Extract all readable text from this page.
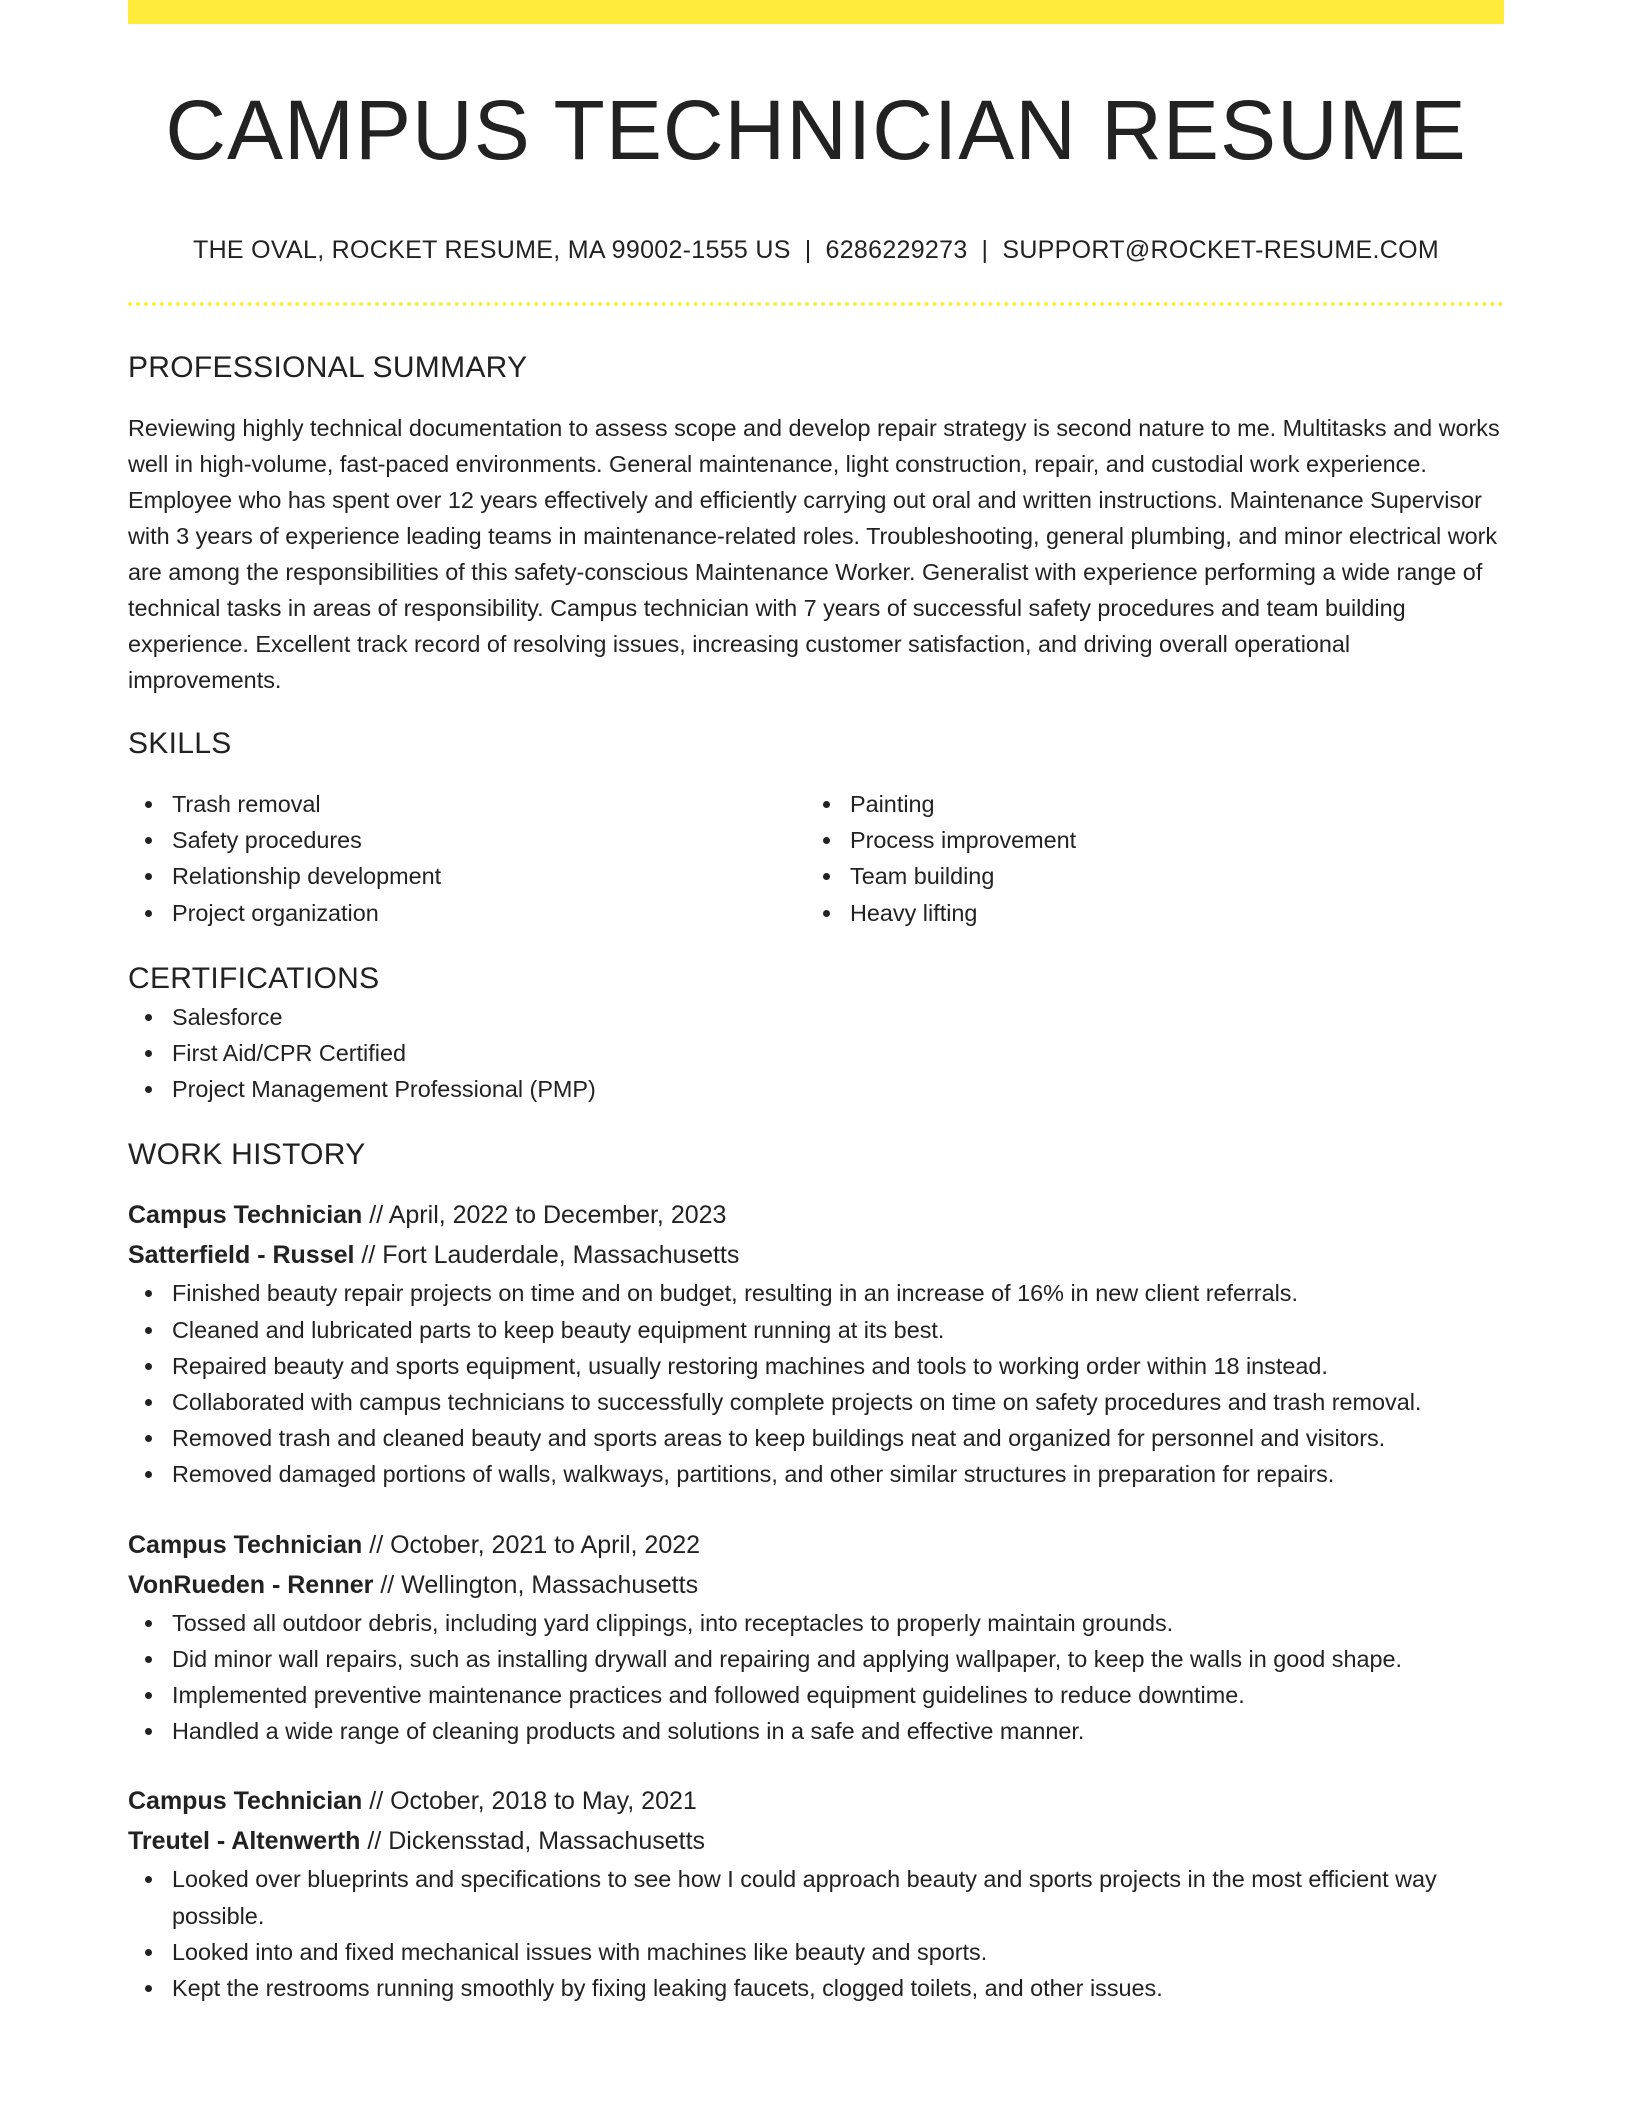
CAMPUS TECHNICIAN RESUME
THE OVAL, ROCKET RESUME, MA 99002-1555 US | 6286229273 | SUPPORT@ROCKET-RESUME.COM
PROFESSIONAL SUMMARY

Reviewing highly technical documentation to assess scope and develop repair strategy is second nature to me. Multitasks and works well in high-volume, fast-paced environments. General maintenance, light construction, repair, and custodial work experience. Employee who has spent over 12 years effectively and efficiently carrying out oral and written instructions. Maintenance Supervisor with 3 years of experience leading teams in maintenance-related roles. Troubleshooting, general plumbing, and minor electrical work are among the responsibilities of this safety-conscious Maintenance Worker. Generalist with experience performing a wide range of technical tasks in areas of responsibility. Campus technician with 7 years of successful safety procedures and team building experience. Excellent track record of resolving issues, increasing customer satisfaction, and driving overall operational improvements.

SKILLS
Trash removal
Safety procedures
Relationship development
Project organization
Painting
Process improvement
Team building
Heavy lifting
CERTIFICATIONS
Salesforce
First Aid/CPR Certified
Project Management Professional (PMP)
WORK HISTORY
Campus Technician // April, 2022 to December, 2023
Satterfield - Russel // Fort Lauderdale, Massachusetts
Finished beauty repair projects on time and on budget, resulting in an increase of 16% in new client referrals.
Cleaned and lubricated parts to keep beauty equipment running at its best.
Repaired beauty and sports equipment, usually restoring machines and tools to working order within 18 instead.
Collaborated with campus technicians to successfully complete projects on time on safety procedures and trash removal.
Removed trash and cleaned beauty and sports areas to keep buildings neat and organized for personnel and visitors.
Removed damaged portions of walls, walkways, partitions, and other similar structures in preparation for repairs.
Campus Technician // October, 2021 to April, 2022
VonRueden - Renner // Wellington, Massachusetts
Tossed all outdoor debris, including yard clippings, into receptacles to properly maintain grounds.
Did minor wall repairs, such as installing drywall and repairing and applying wallpaper, to keep the walls in good shape.
Implemented preventive maintenance practices and followed equipment guidelines to reduce downtime.
Handled a wide range of cleaning products and solutions in a safe and effective manner.
Campus Technician // October, 2018 to May, 2021
Treutel - Altenwerth // Dickensstad, Massachusetts
Looked over blueprints and specifications to see how I could approach beauty and sports projects in the most efficient way possible.
Looked into and fixed mechanical issues with machines like beauty and sports.
Kept the restrooms running smoothly by fixing leaking faucets, clogged toilets, and other issues.
